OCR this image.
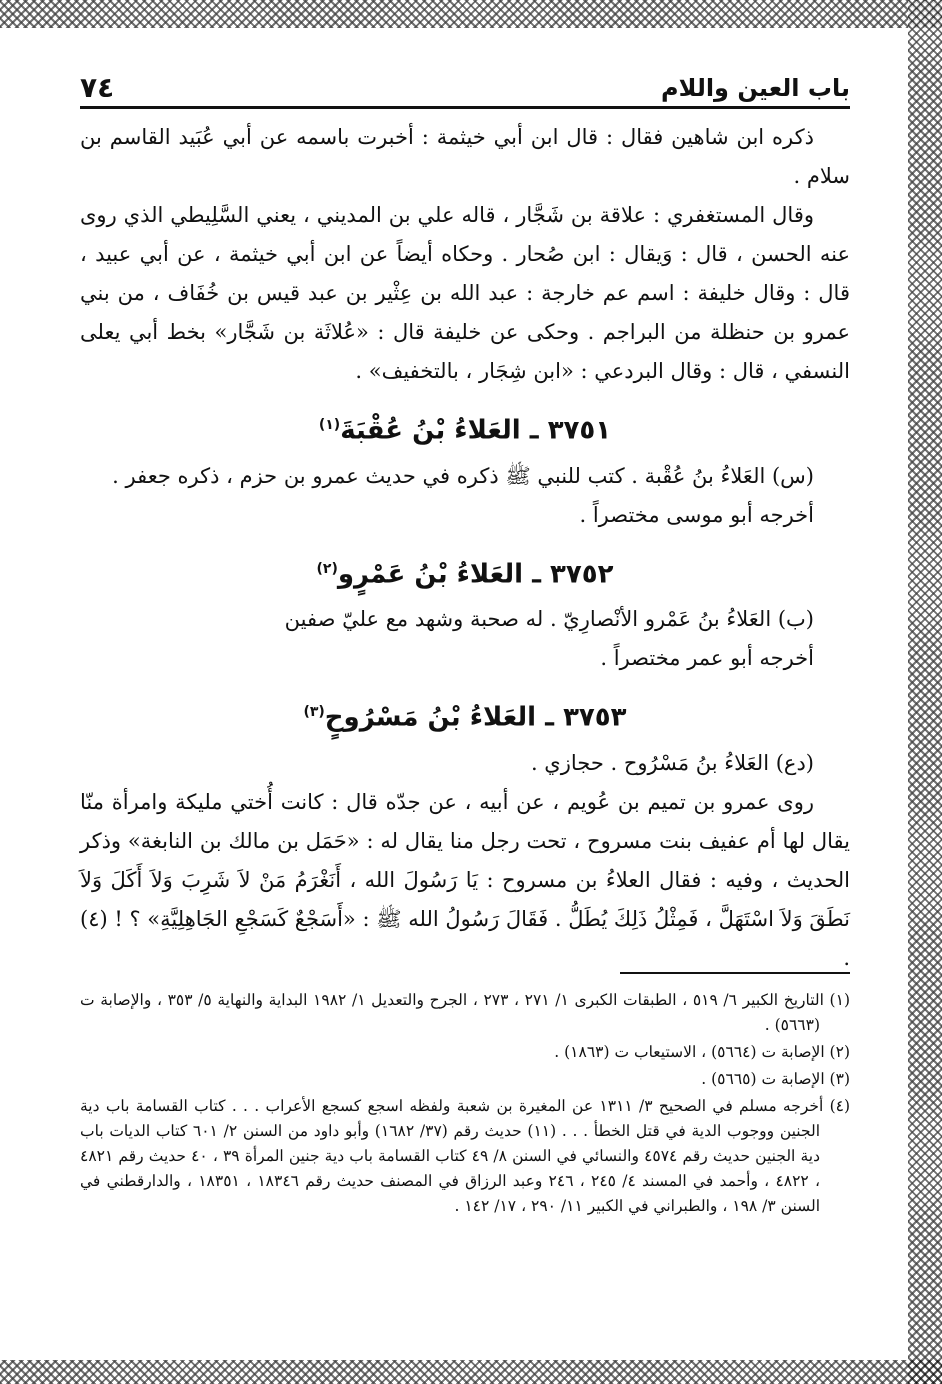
باب العين واللام
٧٤

ذكره ابن شاهين فقال : قال ابن أبي خيثمة : أخبرت باسمه عن أبي عُبَيد القاسم بن سلام .

وقال المستغفري : علاقة بن شَجَّار ، قاله علي بن المديني ، يعني السَّلِيطي الذي روى عنه الحسن ، قال : وَيقال : ابن صُحار . وحكاه أيضاً عن ابن أبي خيثمة ، عن أبي عبيد ، قال : وقال خليفة : اسم عم خارجة : عبد الله بن عِثْير بن عبد قيس بن خُفَاف ، من بني عمرو بن حنظلة من البراجم . وحكى عن خليفة قال : «عُلاثَة بن شَجَّار» بخط أبي يعلى النسفي ، قال : وقال البردعي : «ابن شِجَار ، بالتخفيف» .

٣٧٥١ ـ العَلاءُ بْنُ عُقْبَةَ$^{(١)}$

(س) العَلاءُ بنُ عُقْبة . كتب للنبي ﷺ ذكره في حديث عمرو بن حزم ، ذكره جعفر .

أخرجه أبو موسى مختصراً .

٣٧٥٢ ـ العَلاءُ بْنُ عَمْرٍو$^{(٢)}$

(ب) العَلاءُ بنُ عَمْرو الأنْصارِيّ . له صحبة وشهد مع عليّ صفين

أخرجه أبو عمر مختصراً .

٣٧٥٣ ـ العَلاءُ بْنُ مَسْرُوحٍ$^{(٣)}$

(دع) العَلاءُ بنُ مَسْرُوح . حجازي .

روى عمرو بن تميم بن عُويم ، عن أبيه ، عن جدّه قال : كانت أُختي مليكة وامرأة منّا يقال لها أم عفيف بنت مسروح ، تحت رجل منا يقال له : «حَمَل بن مالك بن النابغة» وذكر الحديث ، وفيه : فقال العلاءُ بن مسروح : يَا رَسُولَ الله ، أَنَغْرَمُ مَنْ لاَ شَرِبَ وَلاَ أَكَلَ وَلاَ نَطَقَ وَلاَ اسْتَهَلَّ ، فَمِثْلُ ذَلِكَ يُطَلُّ . فَقَالَ رَسُولُ الله ﷺ : «أَسَجْعٌ كَسَجْعِ الجَاهِلِيَّةِ» ؟ ! (٤) .

(١) التاريخ الكبير ٦/ ٥١٩ ، الطبقات الكبرى ١/ ٢٧١ ، ٢٧٣ ، الجرح والتعديل ١/ ١٩٨٢ البداية والنهاية ٥/ ٣٥٣ ، والإصابة ت (٥٦٦٣) .

(٢) الإصابة ت (٥٦٦٤) ، الاستيعاب ت (١٨٦٣) .

(٣) الإصابة ت (٥٦٦٥) .

(٤) أخرجه مسلم في الصحيح ٣/ ١٣١١ عن المغيرة بن شعبة ولفظه اسجع كسجع الأعراب . . . كتاب القسامة باب دية الجنين ووجوب الدية في قتل الخطأ . . . (١١) حديث رقم (٣٧/ ١٦٨٢) وأبو داود من السنن ٢/ ٦٠١ كتاب الديات باب دية الجنين حديث رقم ٤٥٧٤ والنسائي في السنن ٨/ ٤٩ كتاب القسامة باب دية جنين المرأة ٣٩ ، ٤٠ حديث رقم ٤٨٢١ ، ٤٨٢٢ ، وأحمد في المسند ٤/ ٢٤٥ ، ٢٤٦ وعبد الرزاق في المصنف حديث رقم ١٨٣٤٦ ، ١٨٣٥١ ، والدارقطني في السنن ٣/ ١٩٨ ، والطبراني في الكبير ١١/ ٢٩٠ ، ١٧/ ١٤٢ .
